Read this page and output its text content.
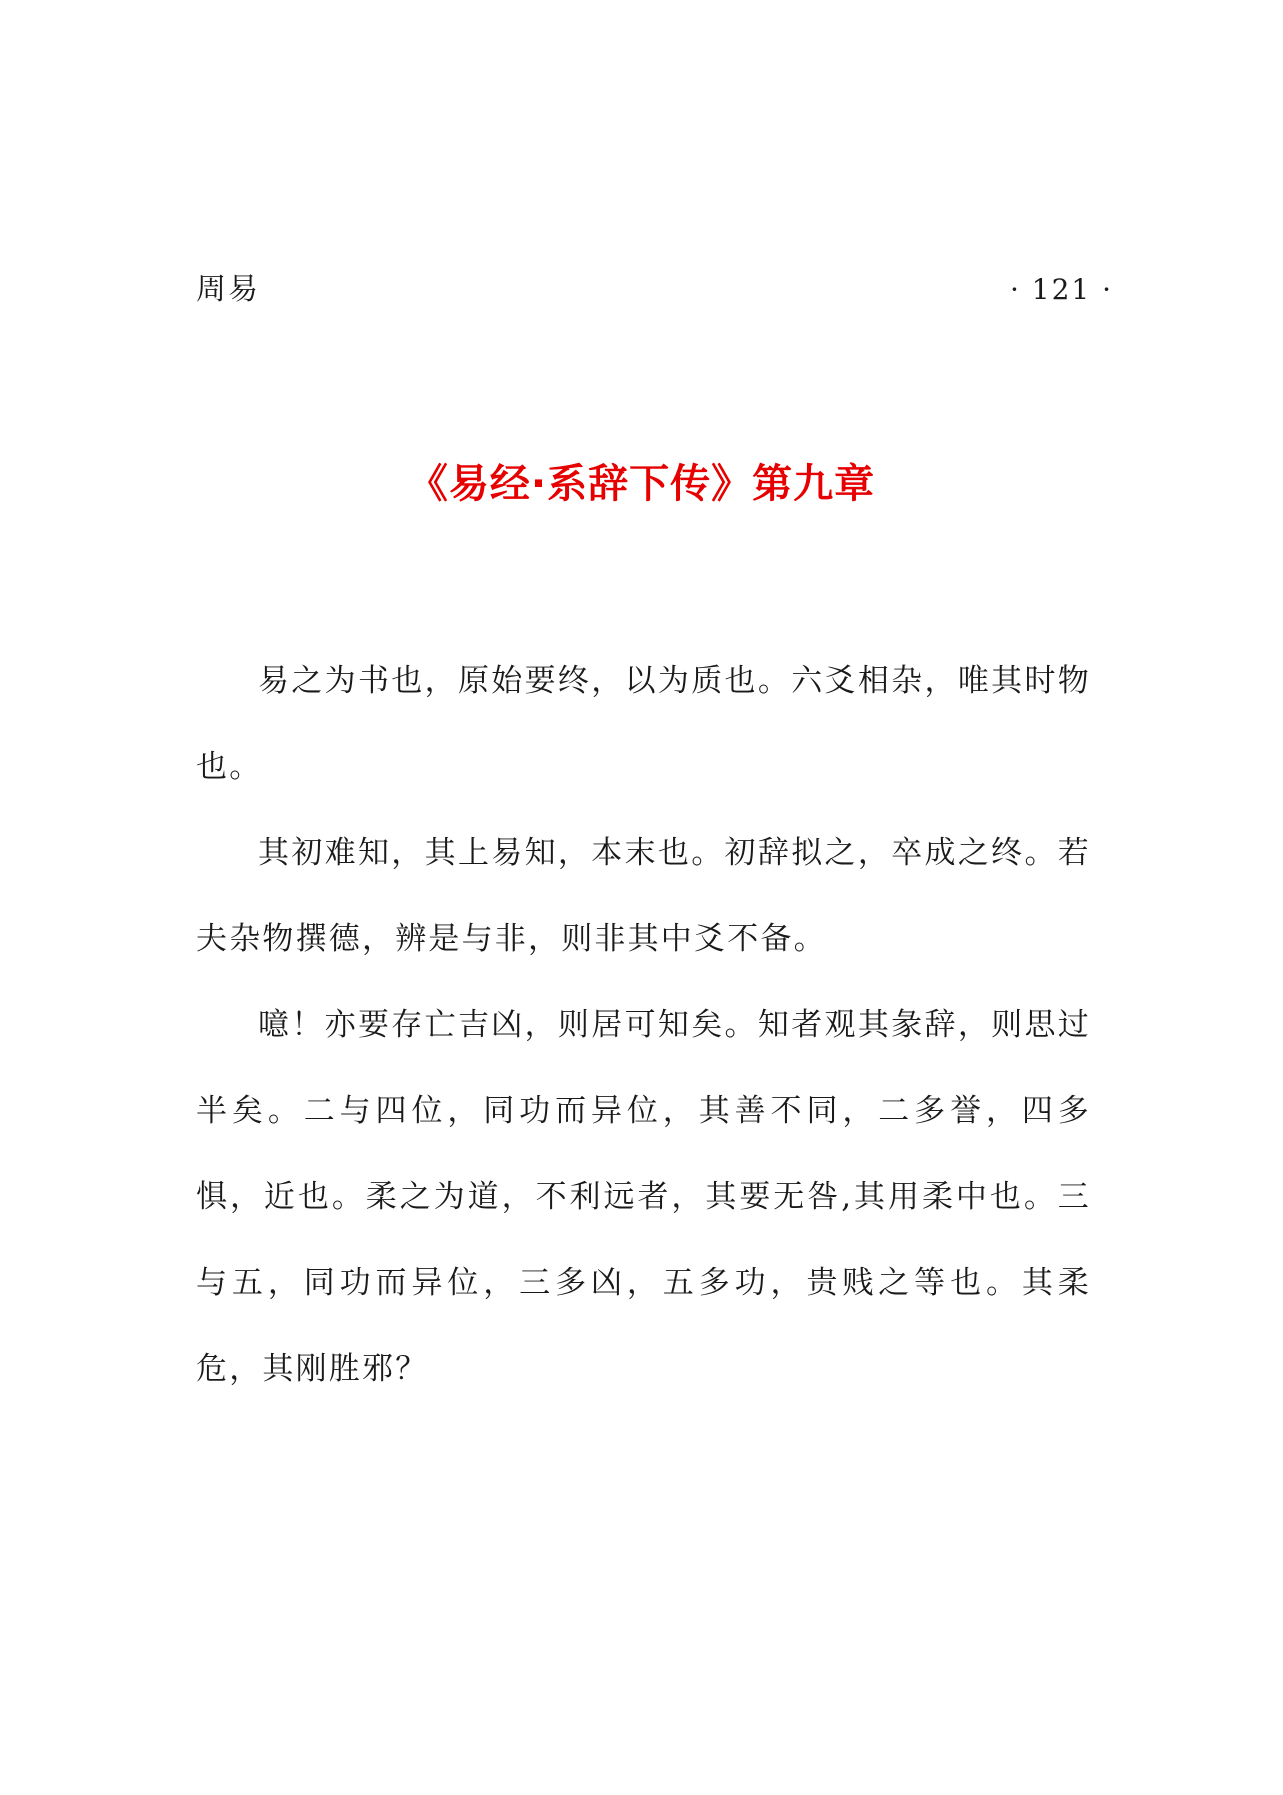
周易	· 121 ·
《易经·系辞下传》第九章

易之为书也，原始要终，以为质也。六爻相杂，唯其时物也。

其初难知，其上易知，本末也。初辞拟之，卒成之终。若夫杂物撰德，辨是与非，则非其中爻不备。

噫！亦要存亡吉凶，则居可知矣。知者观其彖辞，则思过半矣。二与四位，同功而异位，其善不同，二多誉，四多惧，近也。柔之为道，不利远者，其要无咎,其用柔中也。三与五，同功而异位，三多凶，五多功，贵贱之等也。其柔危，其刚胜邪？
